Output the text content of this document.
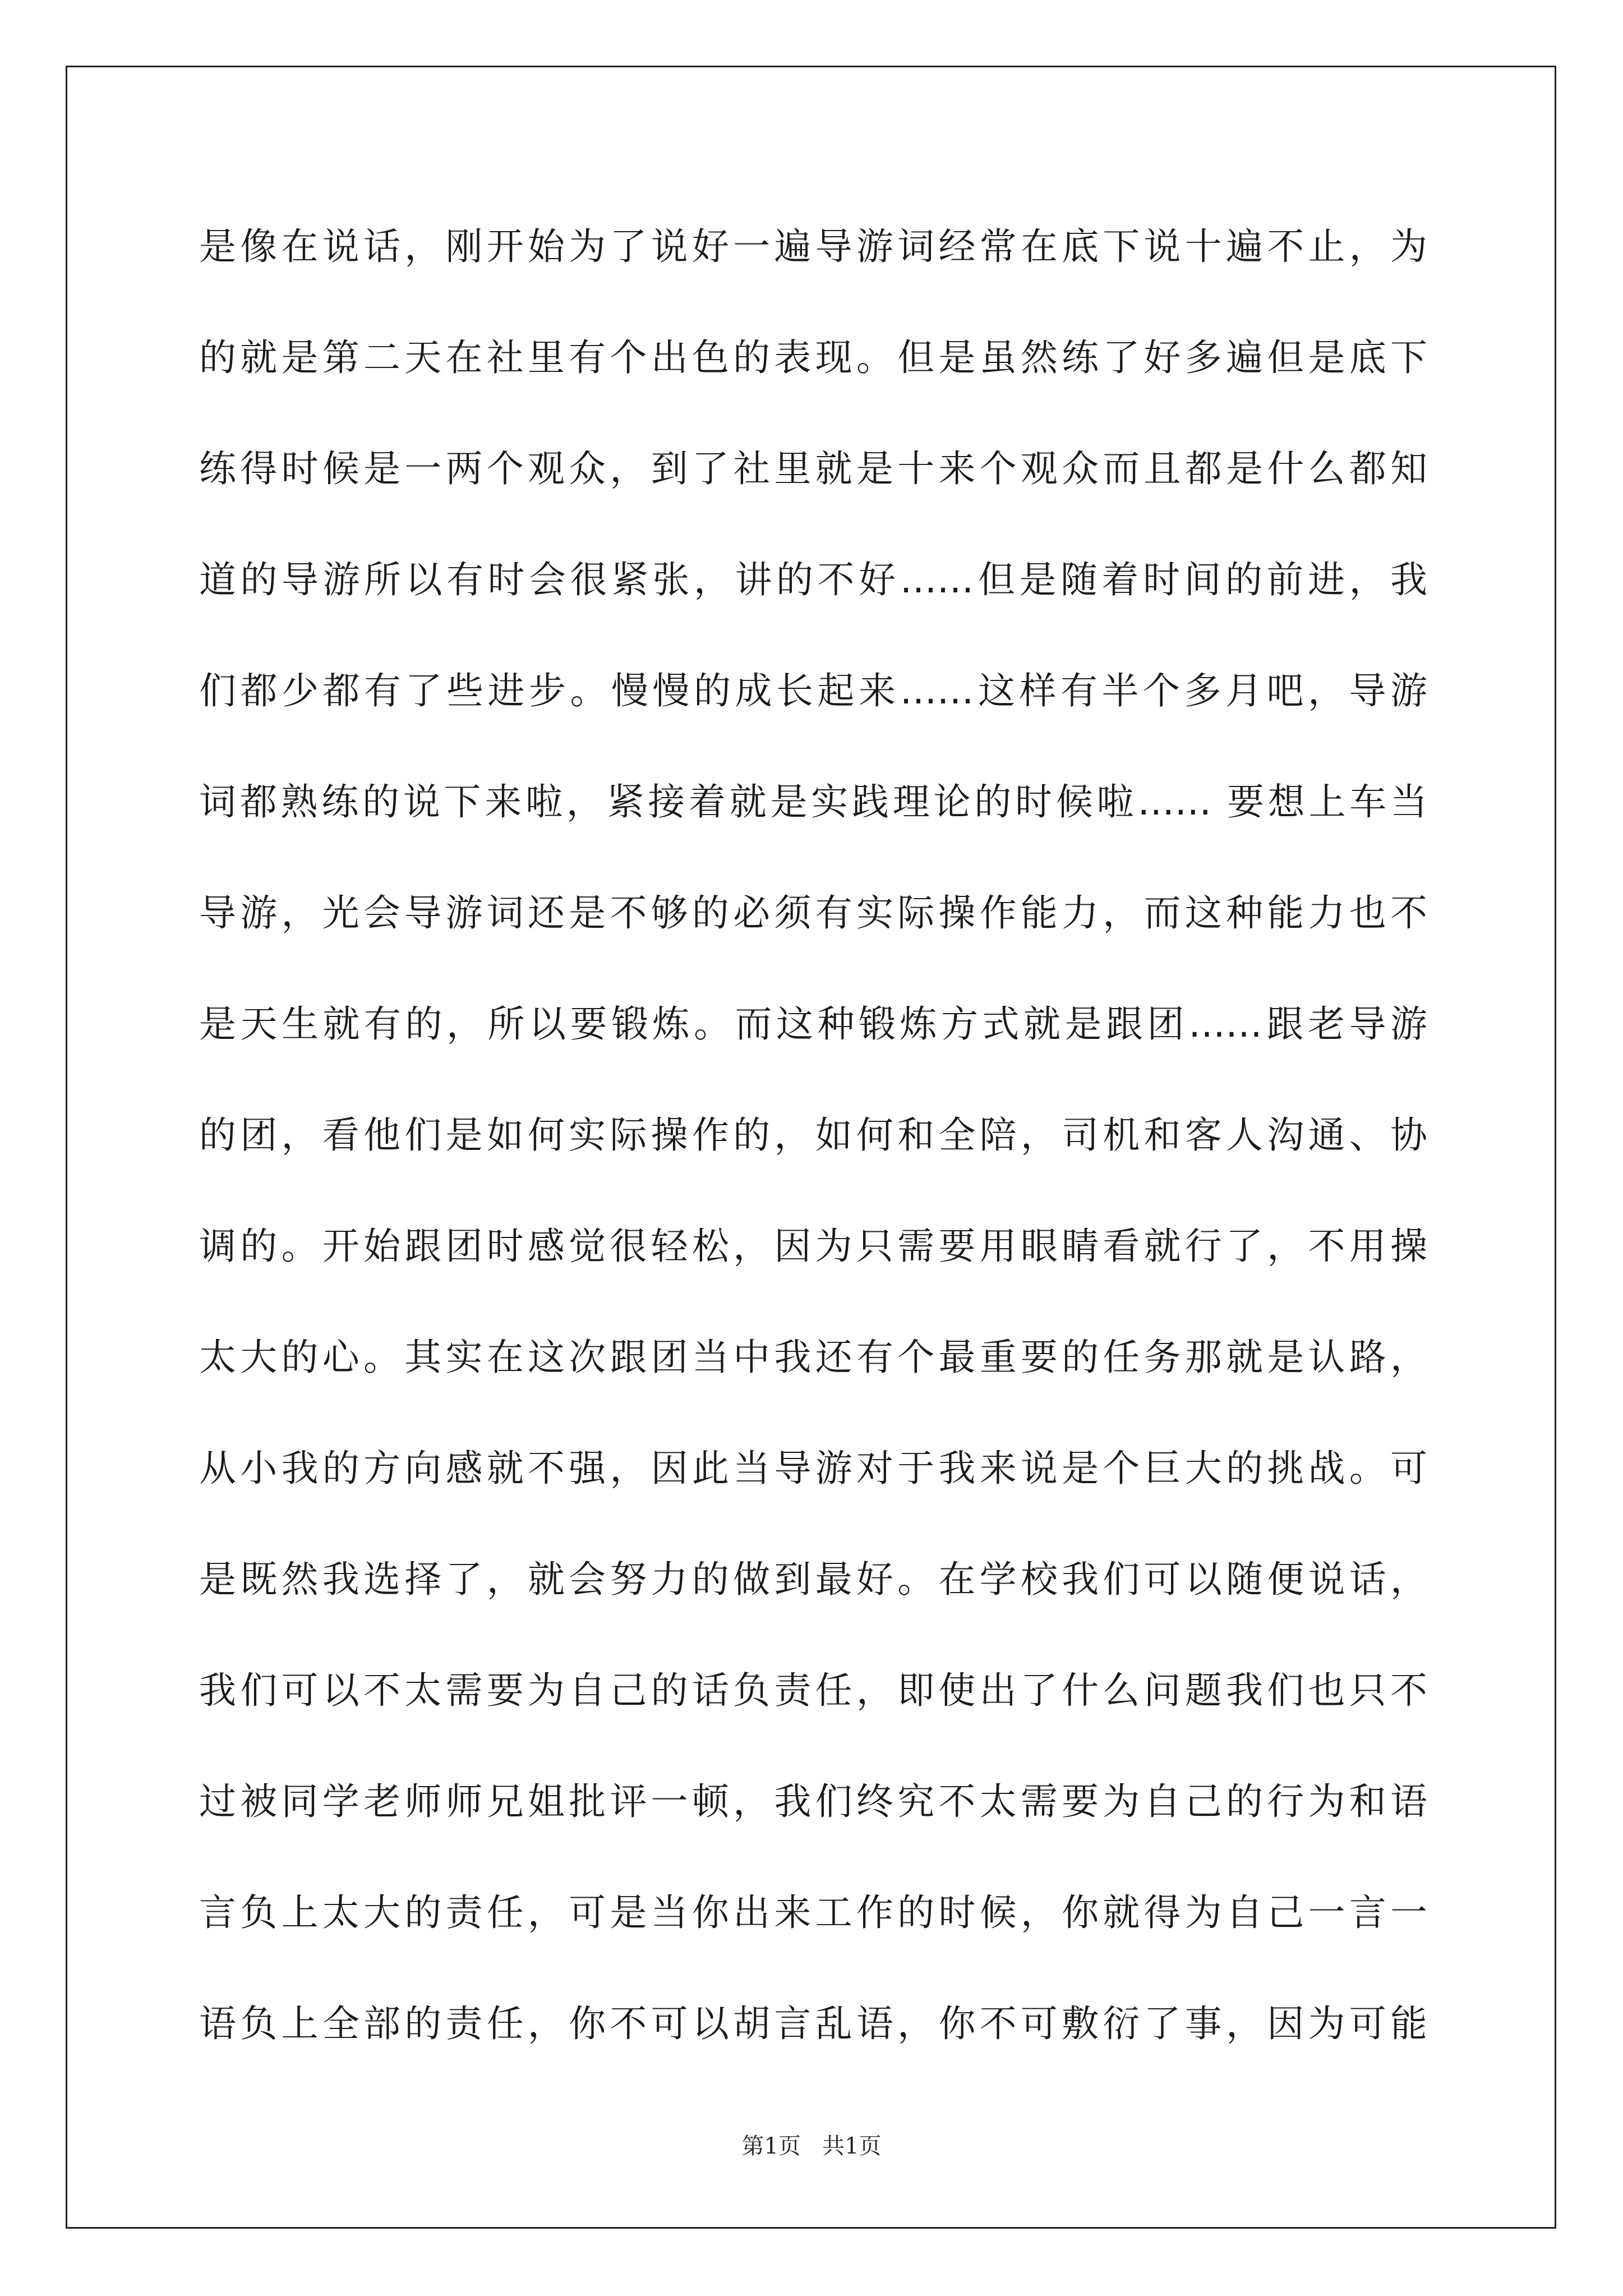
是像在说话，刚开始为了说好一遍导游词经常在底下说十遍不止，为
的就是第二天在社里有个出色的表现。但是虽然练了好多遍但是底下
练得时候是一两个观众，到了社里就是十来个观众而且都是什么都知
道的导游所以有时会很紧张，讲的不好……但是随着时间的前进，我
们都少都有了些进步。慢慢的成长起来……这样有半个多月吧，导游
词都熟练的说下来啦，紧接着就是实践理论的时候啦…… 要想上车当
导游，光会导游词还是不够的必须有实际操作能力，而这种能力也不
是天生就有的，所以要锻炼。而这种锻炼方式就是跟团……跟老导游
的团，看他们是如何实际操作的，如何和全陪，司机和客人沟通、协
调的。开始跟团时感觉很轻松，因为只需要用眼睛看就行了，不用操
太大的心。其实在这次跟团当中我还有个最重要的任务那就是认路，
从小我的方向感就不强，因此当导游对于我来说是个巨大的挑战。可
是既然我选择了，就会努力的做到最好。在学校我们可以随便说话，
我们可以不太需要为自己的话负责任，即使出了什么问题我们也只不
过被同学老师师兄姐批评一顿，我们终究不太需要为自己的行为和语
言负上太大的责任，可是当你出来工作的时候，你就得为自己一言一
语负上全部的责任，你不可以胡言乱语，你不可敷衍了事，因为可能
第1页   共1页
